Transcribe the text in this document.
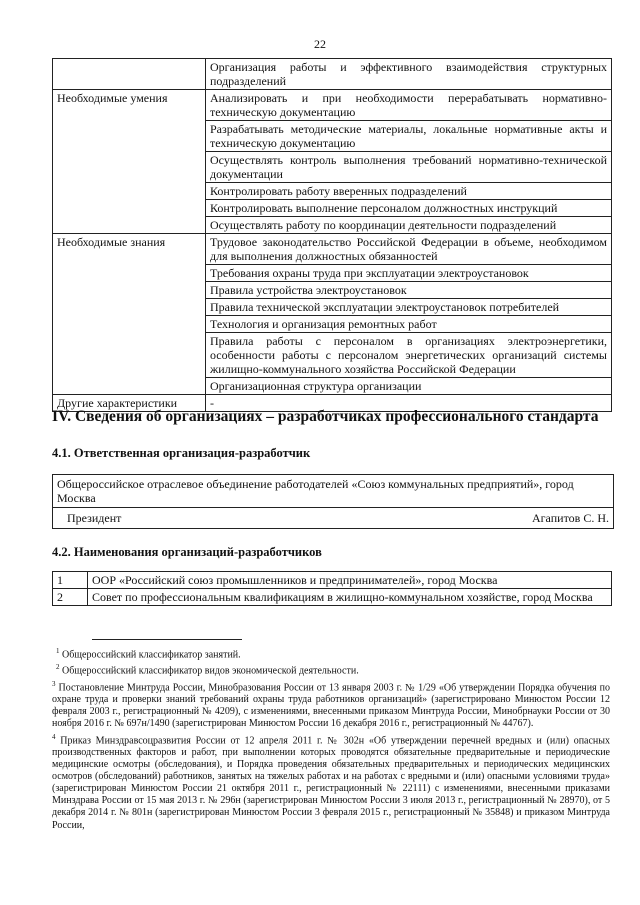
22
	Организация работы и эффективного взаимодействия структурных подразделений
Необходимые умения	Анализировать и при необходимости перерабатывать нормативно-техническую документацию
	Разрабатывать методические материалы, локальные нормативные акты и техническую документацию
	Осуществлять контроль выполнения требований нормативно-технической документации
	Контролировать работу вверенных подразделений
	Контролировать выполнение персоналом должностных инструкций
	Осуществлять работу по координации деятельности подразделений
Необходимые знания	Трудовое законодательство Российской Федерации в объеме, необходимом для выполнения должностных обязанностей
	Требования охраны труда при эксплуатации электроустановок
	Правила устройства электроустановок
	Правила технической эксплуатации электроустановок потребителей
	Технология и организация ремонтных работ
	Правила работы с персоналом в организациях электроэнергетики, особенности работы с персоналом энергетических организаций системы жилищно-коммунального хозяйства Российской Федерации
	Организационная структура организации
Другие характеристики	-
IV. Сведения об организациях – разработчиках профессионального стандарта
4.1. Ответственная организация-разработчик
Общероссийское отраслевое объединение работодателей «Союз коммунальных предприятий», город Москва
Президент	Агапитов С. Н.
4.2. Наименования организаций-разработчиков
1	ООР «Российский союз промышленников и предпринимателей», город Москва
2	Совет по профессиональным квалификациям в жилищно-коммунальном хозяйстве, город Москва

$^1$ Общероссийский классификатор занятий.

$^2$ Общероссийский классификатор видов экономической деятельности.

$^3$ Постановление Минтруда России, Минобразования России от 13 января 2003 г. № 1/29 «Об утверждении Порядка обучения по охране труда и проверки знаний требований охраны труда работников организаций» (зарегистрировано Минюстом России 12 февраля 2003 г., регистрационный № 4209), с изменениями, внесенными приказом Минтруда России, Минобрнауки России от 30 ноября 2016 г. № 697н/1490 (зарегистрирован Минюстом России 16 декабря 2016 г., регистрационный № 44767).

$^4$ Приказ Минздравсоцразвития России от 12 апреля 2011 г. № 302н «Об утверждении перечней вредных и (или) опасных производственных факторов и работ, при выполнении которых проводятся обязательные предварительные и периодические медицинские осмотры (обследования), и Порядка проведения обязательных предварительных и периодических медицинских осмотров (обследований) работников, занятых на тяжелых работах и на работах с вредными и (или) опасными условиями труда» (зарегистрирован Минюстом России 21 октября 2011 г., регистрационный № 22111) с изменениями, внесенными приказами Минздрава России от 15 мая 2013 г. № 296н (зарегистрирован Минюстом России 3 июля 2013 г., регистрационный № 28970), от 5 декабря 2014 г. № 801н (зарегистрирован Минюстом России 3 февраля 2015 г., регистрационный № 35848) и приказом Минтруда России,
